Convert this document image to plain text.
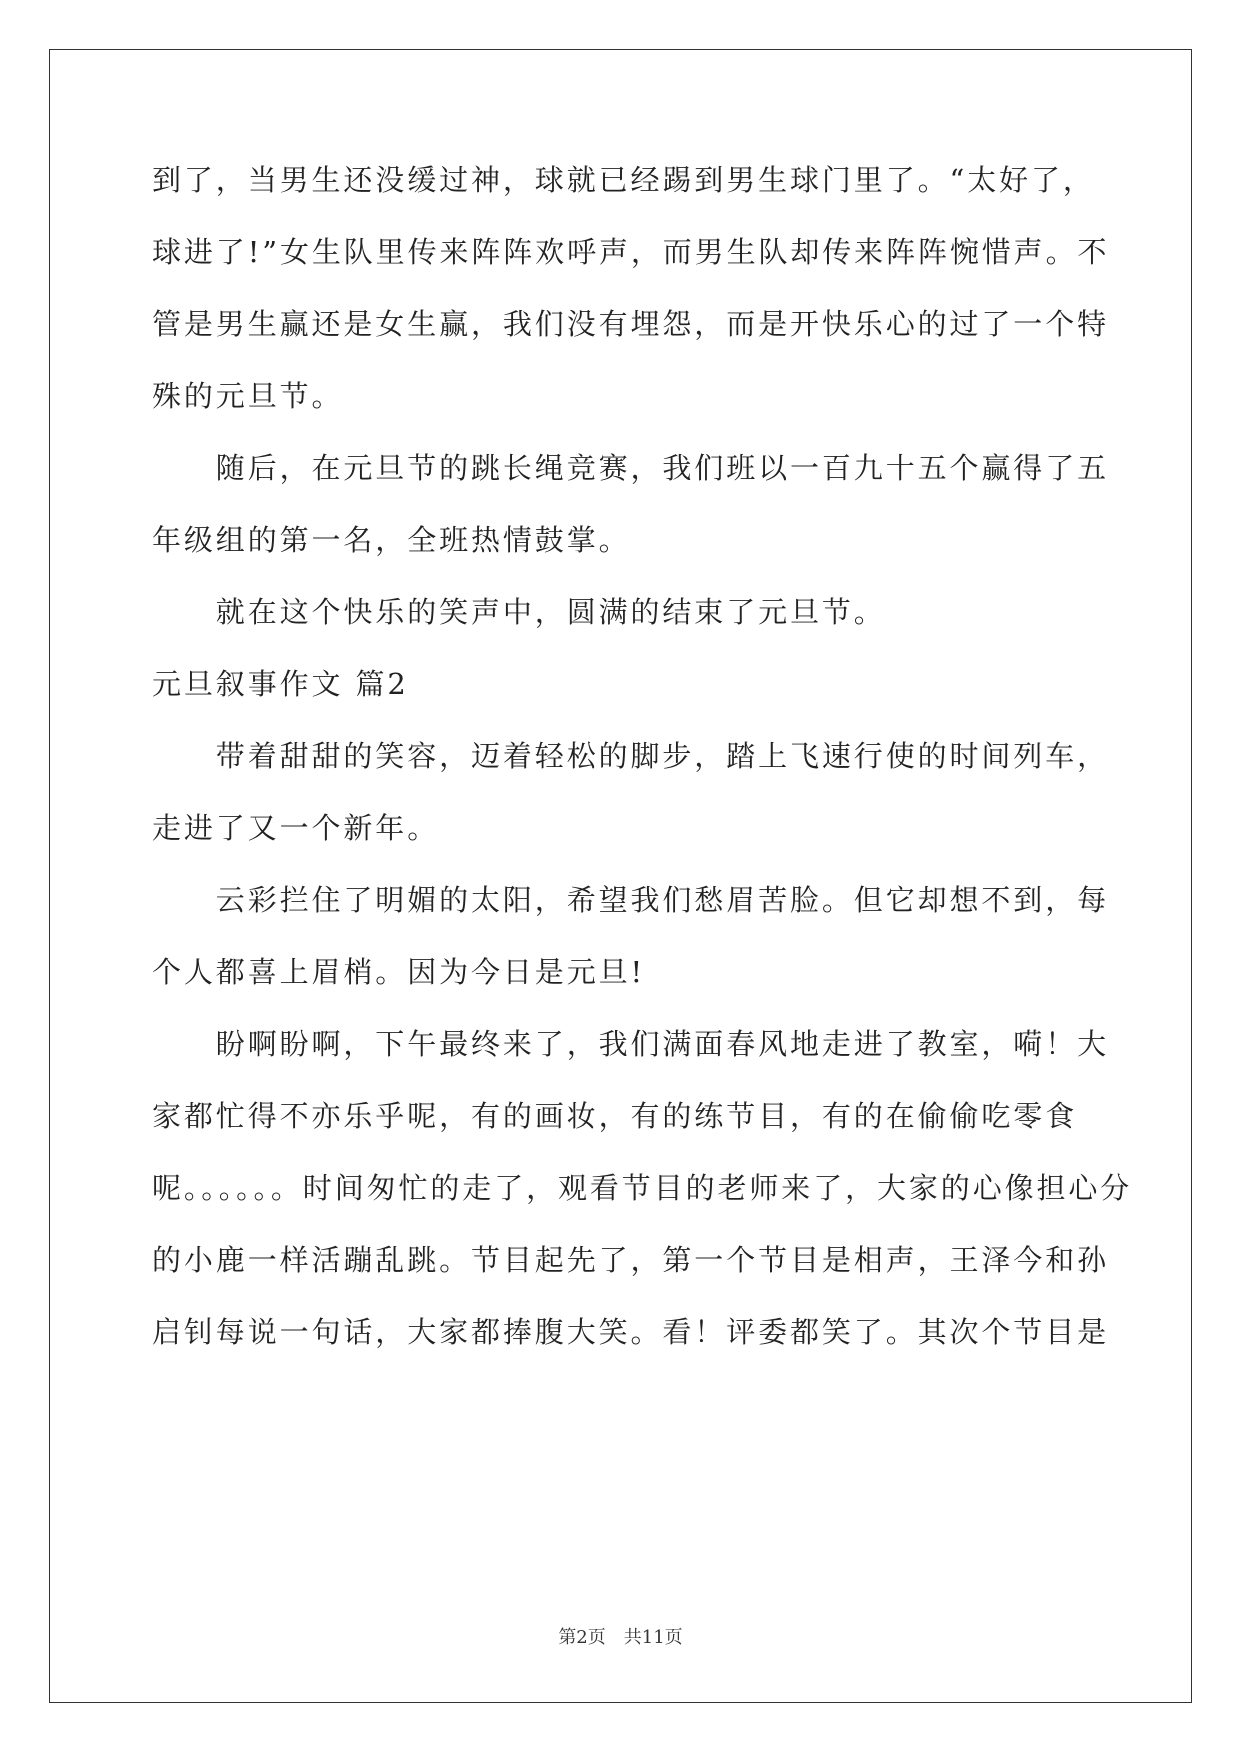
到了，当男生还没缓过神，球就已经踢到男生球门里了。“太好了，
球进了!”女生队里传来阵阵欢呼声，而男生队却传来阵阵惋惜声。不
管是男生赢还是女生赢，我们没有埋怨，而是开快乐心的过了一个特
殊的元旦节。
　　随后，在元旦节的跳长绳竞赛，我们班以一百九十五个赢得了五
年级组的第一名，全班热情鼓掌。
　　就在这个快乐的笑声中，圆满的结束了元旦节。
元旦叙事作文 篇2
　　带着甜甜的笑容，迈着轻松的脚步，踏上飞速行使的时间列车，
走进了又一个新年。
　　云彩拦住了明媚的太阳，希望我们愁眉苦脸。但它却想不到，每
个人都喜上眉梢。因为今日是元旦!
　　盼啊盼啊，下午最终来了，我们满面春风地走进了教室，嗬！大
家都忙得不亦乐乎呢，有的画妆，有的练节目，有的在偷偷吃零食
呢。。。。。。时间匆忙的走了，观看节目的老师来了，大家的心像担心分
的小鹿一样活蹦乱跳。节目起先了，第一个节目是相声，王泽今和孙
启钊每说一句话，大家都捧腹大笑。看！评委都笑了。其次个节目是
第2页　共11页
